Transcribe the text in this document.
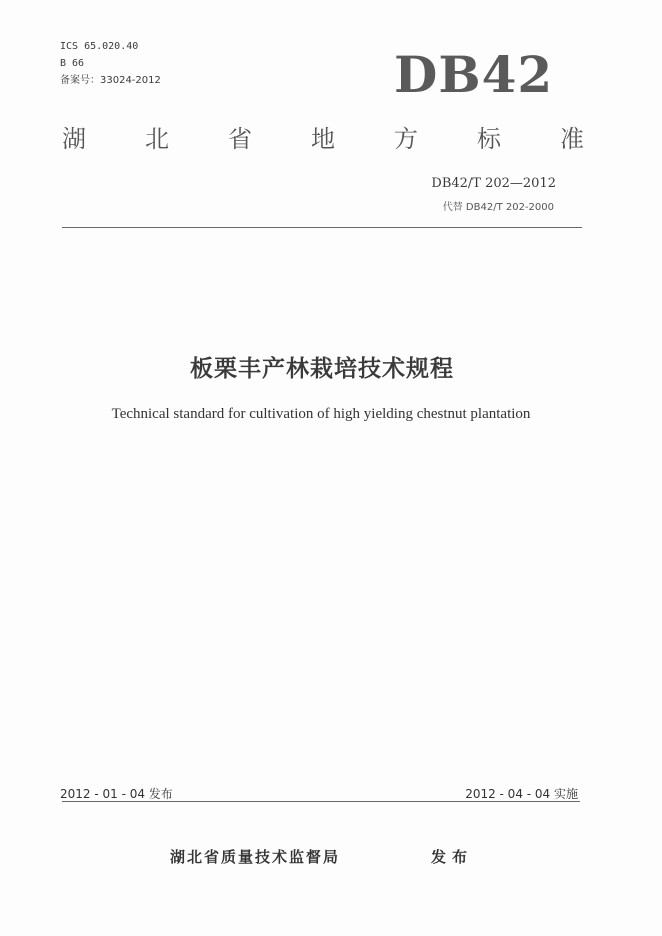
ICS 65.020.40
B 66
备案号：33024-2012	DB42
湖 北 省 地 方 标 准
DB42/T 202—2012
代替 DB42/T 202-2000
板栗丰产林栽培技术规程
Technical standard for cultivation of high yielding chestnut plantation
2012 - 01 - 04 发布	2012 - 04 - 04 实施
湖北省质量技术监督局	发布
